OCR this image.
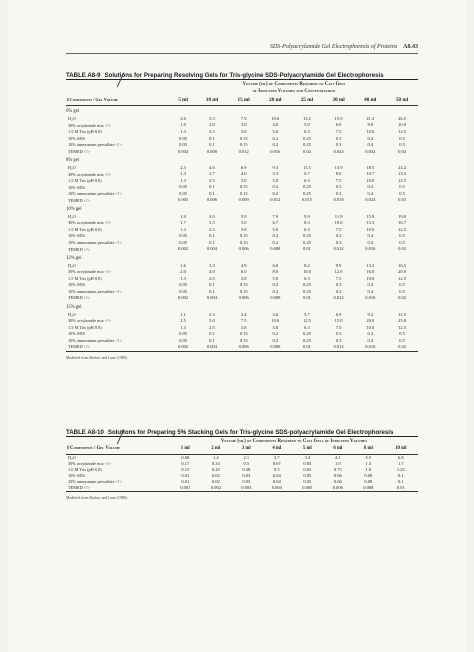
SDS-Polyacrylamide Gel Electrophoresis of Proteins A8.43
TABLE A8-9 Solutions for Preparing Resolving Gels for Tris-glycine SDS-Polyacrylamide Gel Electrophoresis

	Volume (ml) of Components Required to Cast Gels
of Indicated Volumes and Concentrations							

⇓Components / Gel Volume	5 ml	10 ml	15 ml	20 ml	25 ml	30 ml	40 ml	50 ml
6% gel								
H₂O	2.6	5.3	7.9	10.6	13.2	15.9	21.2	26.5
30% acrylamide mix <!>	1.0	2.0	3.0	4.0	5.0	6.0	8.0	10.0
1.5 M Tris (pH 8.8)	1.3	2.5	3.8	5.0	6.3	7.5	10.0	12.5
10% SDS	0.05	0.1	0.15	0.2	0.25	0.3	0.4	0.5
10% ammonium persulfate <!>	0.05	0.1	0.15	0.2	0.25	0.3	0.4	0.5
TEMED <!>	0.004	0.008	0.012	0.016	0.02	0.024	0.032	0.04
8% gel								
H₂O	2.3	4.6	6.9	9.3	11.5	13.9	18.5	23.2
30% acrylamide mix <!>	1.3	2.7	4.0	5.3	6.7	8.0	10.7	13.3
1.5 M Tris (pH 8.8)	1.3	2.5	3.8	5.0	6.3	7.5	10.0	12.5
10% SDS	0.05	0.1	0.15	0.2	0.25	0.3	0.4	0.5
10% ammonium persulfate <!>	0.05	0.1	0.15	0.2	0.25	0.3	0.4	0.5
TEMED <!>	0.003	0.006	0.009	0.012	0.015	0.018	0.024	0.03
10% gel								
H₂O	1.9	4.0	5.9	7.9	9.9	11.9	15.9	19.8
30% acrylamide mix <!>	1.7	3.3	5.0	6.7	8.3	10.0	13.3	16.7
1.5 M Tris (pH 8.8)	1.3	2.5	3.8	5.0	6.3	7.5	10.0	12.5
10% SDS	0.05	0.1	0.15	0.2	0.25	0.3	0.4	0.5
10% ammonium persulfate <!>	0.05	0.1	0.15	0.2	0.25	0.3	0.4	0.5
TEMED <!>	0.002	0.004	0.006	0.008	0.01	0.012	0.016	0.02
12% gel								
H₂O	1.6	3.3	4.9	6.6	8.2	9.9	13.2	16.5
30% acrylamide mix <!>	2.0	4.0	6.0	8.0	10.0	12.0	16.0	20.0
1.5 M Tris (pH 8.8)	1.3	2.5	3.8	5.0	6.3	7.5	10.0	12.5
10% SDS	0.05	0.1	0.15	0.2	0.25	0.3	0.4	0.5
10% ammonium persulfate <!>	0.05	0.1	0.15	0.2	0.25	0.3	0.4	0.5
TEMED <!>	0.002	0.004	0.006	0.008	0.01	0.012	0.016	0.02
15% gel								
H₂O	1.1	2.3	3.4	4.6	5.7	6.9	9.2	11.5
30% acrylamide mix <!>	2.5	5.0	7.5	10.0	12.5	15.0	20.0	25.0
1.5 M Tris (pH 8.8)	1.3	2.5	3.8	5.0	6.3	7.5	10.0	12.5
10% SDS	0.05	0.1	0.15	0.2	0.25	0.3	0.4	0.5
10% ammonium persulfate <!>	0.05	0.1	0.15	0.2	0.25	0.3	0.4	0.5
TEMED <!>	0.002	0.004	0.006	0.008	0.01	0.012	0.016	0.02
Modified from Harlow and Lane (1988).								
TABLE A8-10 Solutions for Preparing 5% Stacking Gels for Tris-glycine SDS-polyacrylamide Gel Electrophoresis
	Volume (ml) of Components Required to Cast Gels of Indicated Volumes							
⇓Components / Gel Volume	1 ml	2 ml	3 ml	4 ml	5 ml	6 ml	8 ml	10 ml
H₂O	0.68	1.4	2.1	2.7	3.4	4.1	5.5	6.8
30% acrylamide mix <!>	0.17	0.33	0.5	0.67	0.83	1.0	1.3	1.7
1.0 M Tris (pH 6.8)	0.13	0.25	0.38	0.5	0.63	0.75	1.0	1.25
10% SDS	0.01	0.02	0.03	0.04	0.05	0.06	0.08	0.1
10% ammonium persulfate <!>	0.01	0.02	0.03	0.04	0.05	0.06	0.08	0.1
TEMED <!>	0.001	0.002	0.003	0.004	0.005	0.006	0.008	0.01
Modified from Harlow and Lane (1988).								
